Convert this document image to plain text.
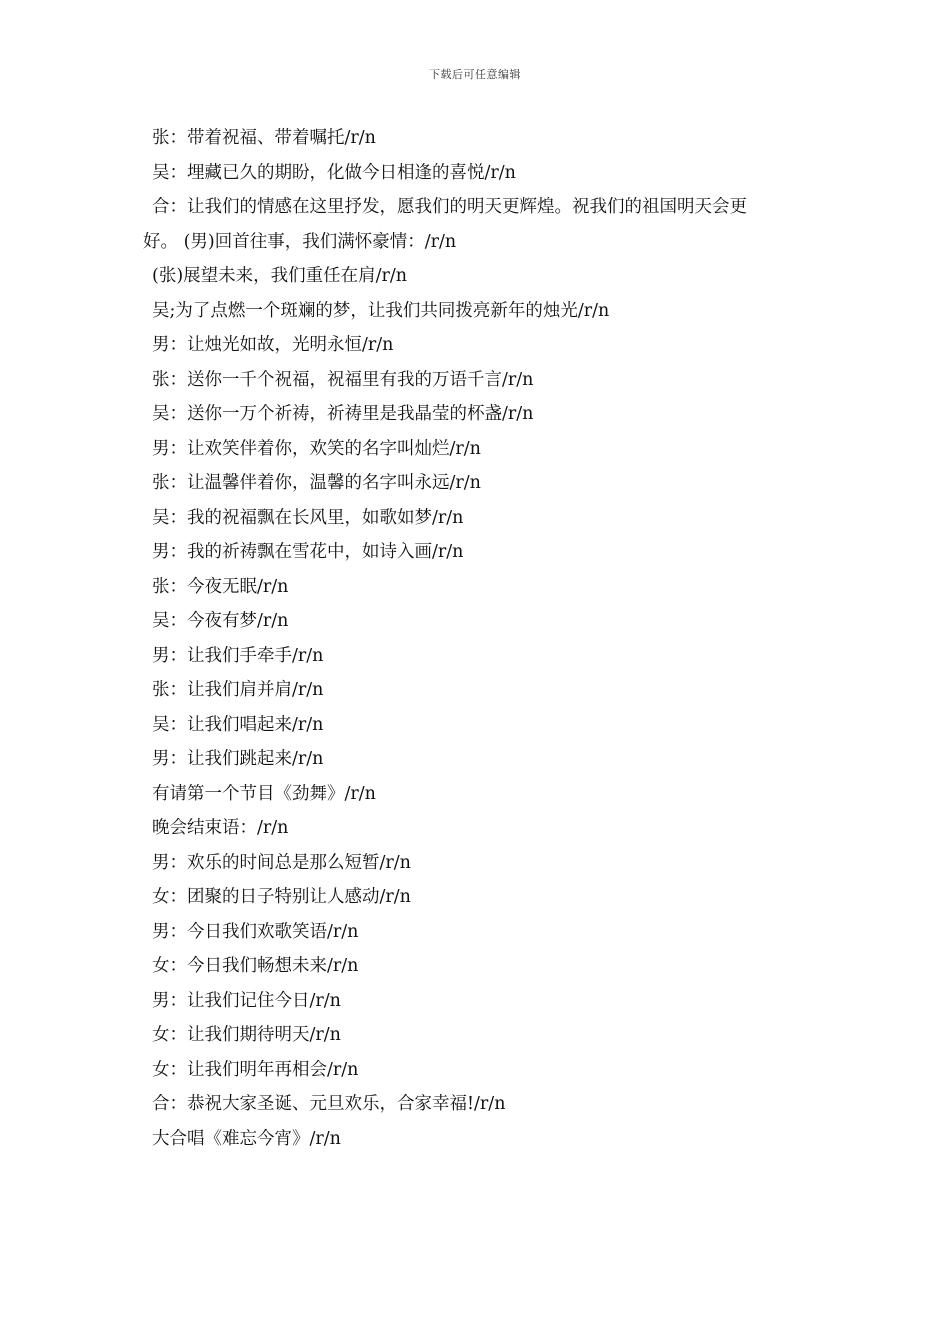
下载后可任意编辑

张：带着祝福、带着嘱托/r/n

吴：埋藏已久的期盼，化做今日相逢的喜悦/r/n

合：让我们的情感在这里抒发，愿我们的明天更辉煌。祝我们的祖国明天会更

好。 (男)回首往事，我们满怀豪情：/r/n

(张)展望未来，我们重任在肩/r/n

吴;为了点燃一个斑斓的梦，让我们共同拨亮新年的烛光/r/n

男：让烛光如故，光明永恒/r/n

张：送你一千个祝福，祝福里有我的万语千言/r/n

吴：送你一万个祈祷，祈祷里是我晶莹的杯盏/r/n

男：让欢笑伴着你，欢笑的名字叫灿烂/r/n

张：让温馨伴着你，温馨的名字叫永远/r/n

吴：我的祝福飘在长风里，如歌如梦/r/n

男：我的祈祷飘在雪花中，如诗入画/r/n

张：今夜无眠/r/n

吴：今夜有梦/r/n

男：让我们手牵手/r/n

张：让我们肩并肩/r/n

吴：让我们唱起来/r/n

男：让我们跳起来/r/n

有请第一个节目《劲舞》/r/n

晚会结束语：/r/n

男：欢乐的时间总是那么短暂/r/n

女：团聚的日子特别让人感动/r/n

男：今日我们欢歌笑语/r/n

女：今日我们畅想未来/r/n

男：让我们记住今日/r/n

女：让我们期待明天/r/n

女：让我们明年再相会/r/n

合：恭祝大家圣诞、元旦欢乐，合家幸福!/r/n

大合唱《难忘今宵》/r/n
